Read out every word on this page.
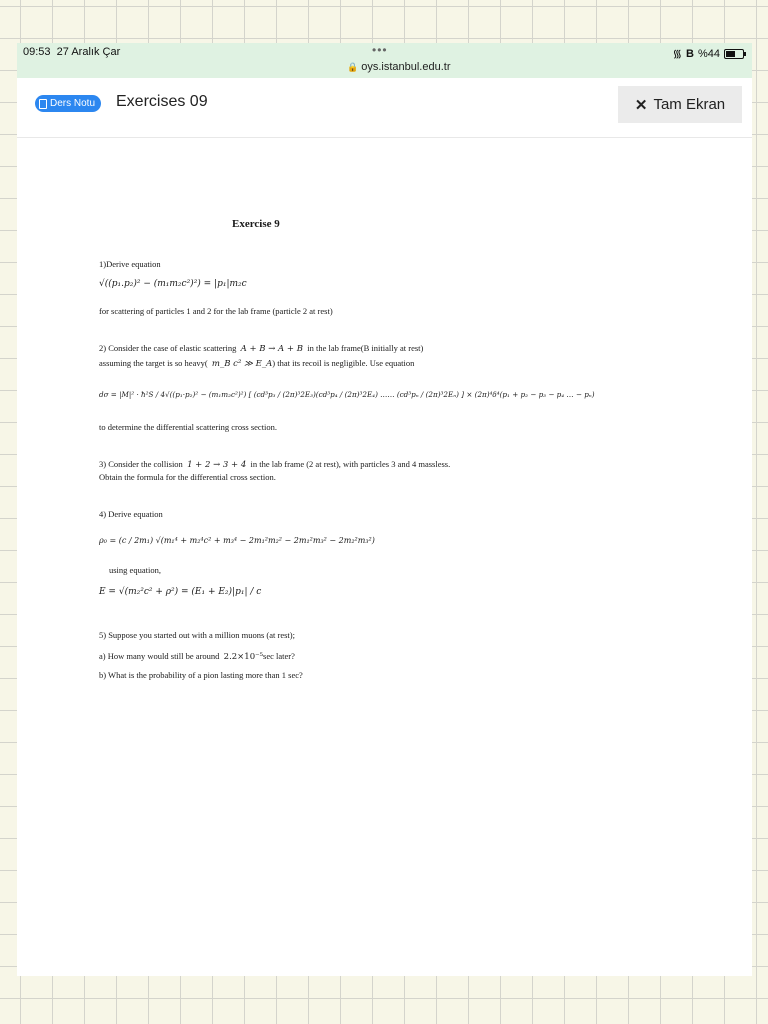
09:53 27 Aralık Çar	•••
🔒 oys.istanbul.edu.tr
᯾ B %44
Ders Notu Exercises 09	✕ Tam Ekran
Exercise 9
1)Derive equation
√((p₁.p₂)² − (m₁m₂c²)²) = |p₁|m₂c
for scattering of particles 1 and 2 for the lab frame (particle 2 at rest)
2) Consider the case of elastic scattering A + B → A + B in the lab frame(B initially at rest)
assuming the target is so heavy( m_B c² ≫ E_A) that its recoil is negligible. Use equation
dσ = |M|² · ħ²S / 4√((p₁·p₂)² − (m₁m₂c²)²) [ (cd³p₃ / (2π)³2E₃)(cd³p₄ / (2π)³2E₄) …… (cd³pₙ / (2π)³2Eₙ) ] × (2π)⁴δ⁴(p₁ + p₂ − p₃ − p₄ … − pₙ)
to determine the differential scattering cross section.
3) Consider the collision 1 + 2 → 3 + 4 in the lab frame (2 at rest), with particles 3 and 4 massless.
Obtain the formula for the differential cross section.
4) Derive equation
ρ₀ = (c / 2m₁) √(m₁⁴ + m₂⁴c² + m₃⁴ − 2m₁²m₂² − 2m₁²m₃² − 2m₂²m₃²)
using equation,
E = √(m₂²c² + ρ²) = (E₁ + E₂)|p₁| / c
5) Suppose you started out with a million muons (at rest);
a) How many would still be around 2.2×10⁻⁵sec later?
b) What is the probability of a pion lasting more than 1 sec?
